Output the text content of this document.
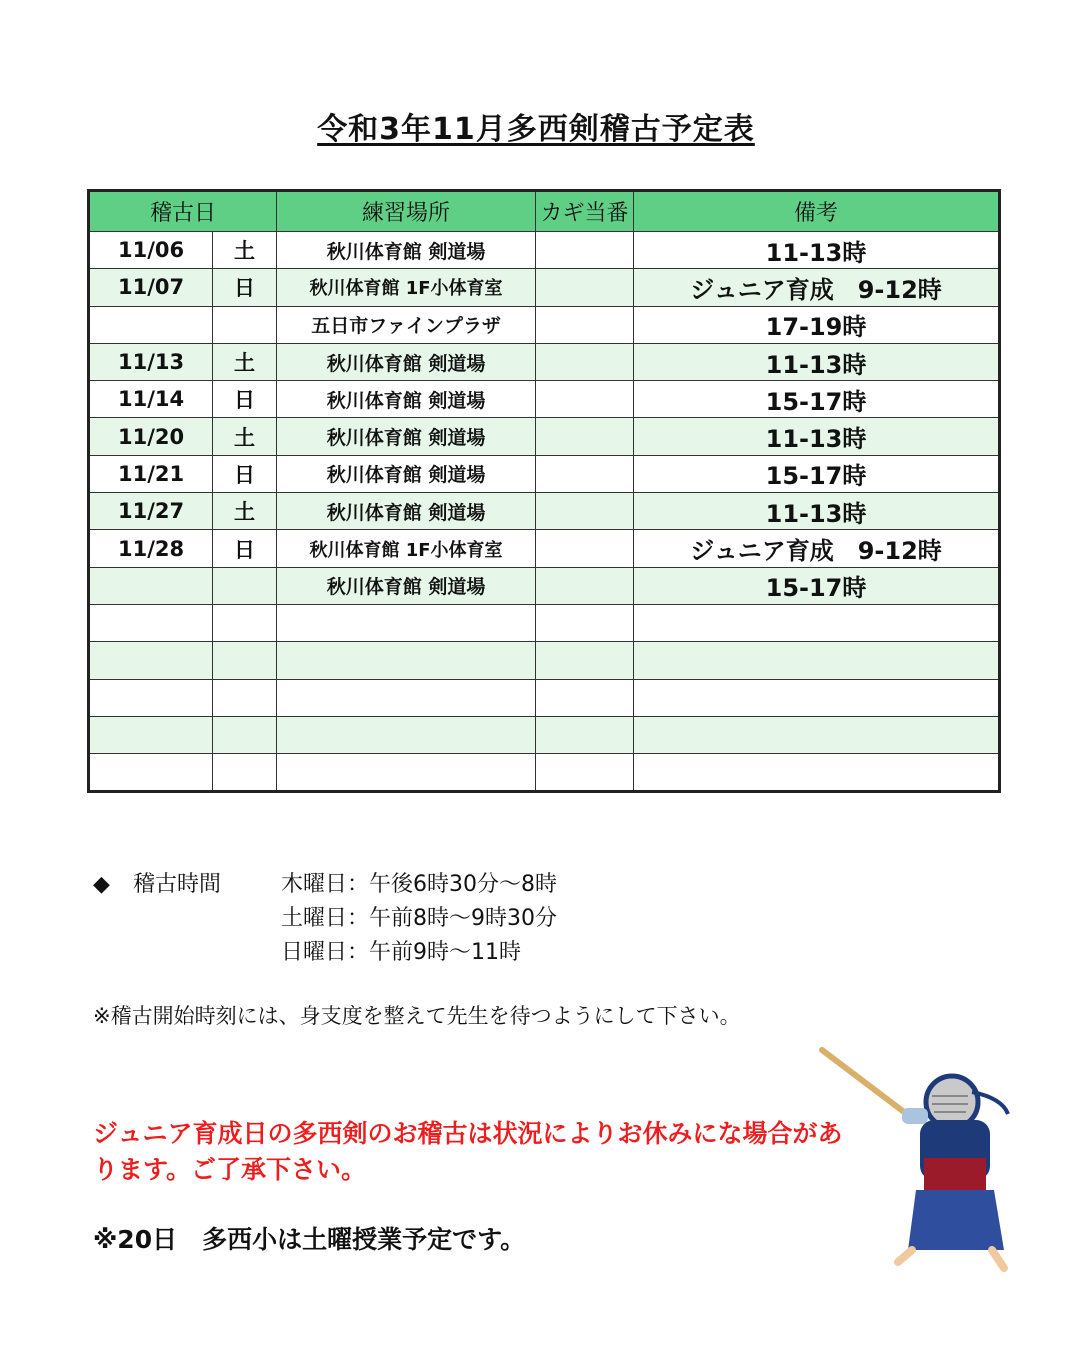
令和3年11月多西剣稽古予定表
稽古日		練習場所	カギ当番	備考
11/06	土	秋川体育館 剣道場		11-13時
11/07	日	秋川体育館 1F小体育室		ジュニア育成　9-12時
		五日市ファインプラザ		17-19時
11/13	土	秋川体育館 剣道場		11-13時
11/14	日	秋川体育館 剣道場		15-17時
11/20	土	秋川体育館 剣道場		11-13時
11/21	日	秋川体育館 剣道場		15-17時
11/27	土	秋川体育館 剣道場		11-13時
11/28	日	秋川体育館 1F小体育室		ジュニア育成　9-12時
		秋川体育館 剣道場		15-17時

◆	稽古時間	木曜日：午後6時30分～8時
土曜日：午前8時～9時30分
日曜日：午前9時～11時
※稽古開始時刻には、身支度を整えて先生を待つようにして下さい。
ジュニア育成日の多西剣のお稽古は状況によりお休みにな場合があります。ご了承下さい。
※20日　多西小は土曜授業予定です。
